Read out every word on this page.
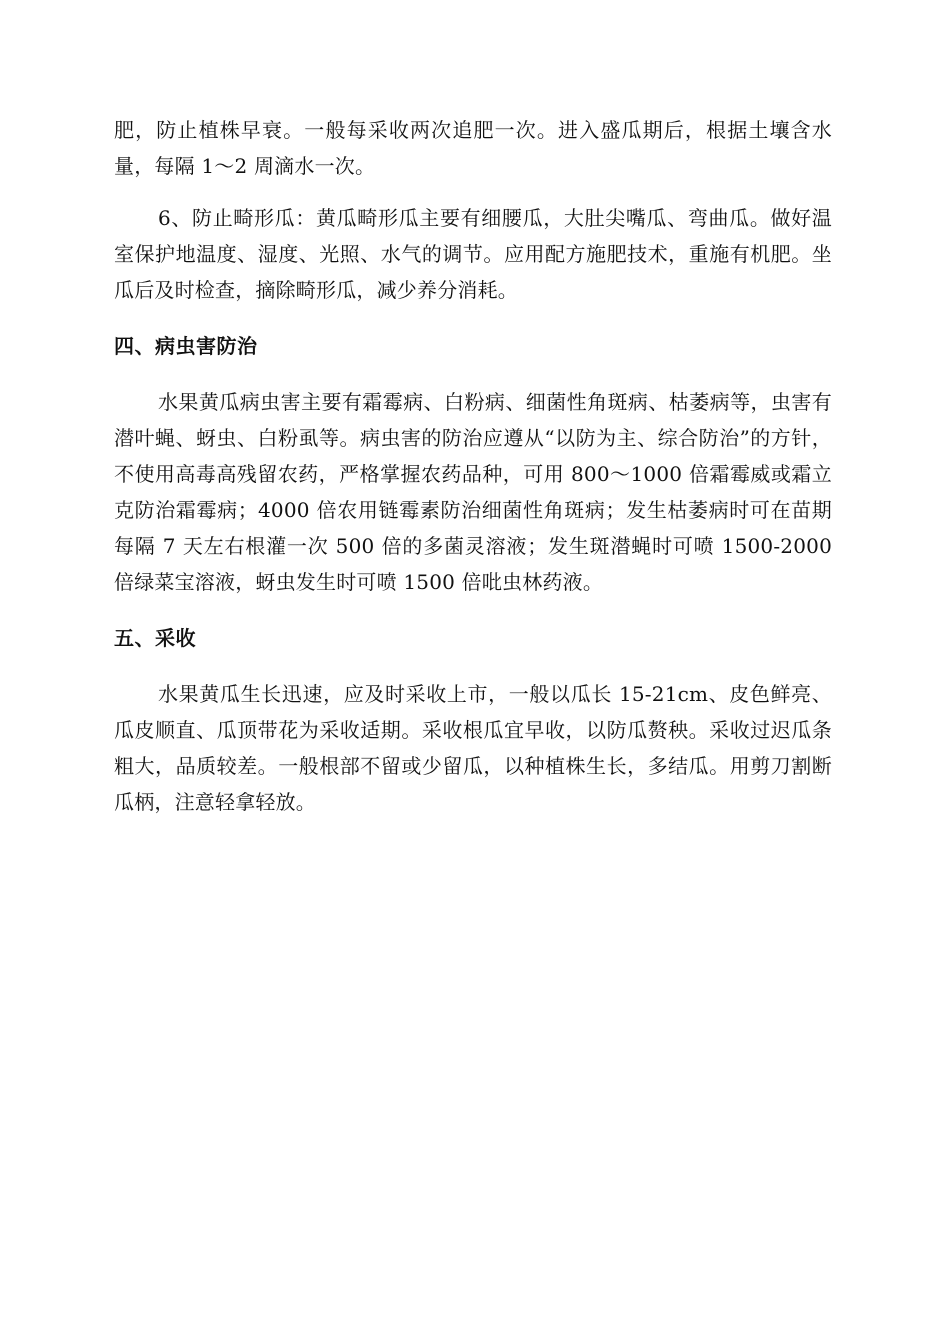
肥，防止植株早衰。一般每采收两次追肥一次。进入盛瓜期后，根据土壤含水量，每隔 1～2 周滴水一次。

6、防止畸形瓜：黄瓜畸形瓜主要有细腰瓜，大肚尖嘴瓜、弯曲瓜。做好温室保护地温度、湿度、光照、水气的调节。应用配方施肥技术，重施有机肥。坐瓜后及时检查，摘除畸形瓜，减少养分消耗。

四、病虫害防治

水果黄瓜病虫害主要有霜霉病、白粉病、细菌性角斑病、枯萎病等，虫害有潜叶蝇、蚜虫、白粉虱等。病虫害的防治应遵从“以防为主、综合防治”的方针，不使用高毒高残留农药，严格掌握农药品种，可用 800～1000 倍霜霉威或霜立克防治霜霉病；4000 倍农用链霉素防治细菌性角斑病；发生枯萎病时可在苗期每隔 7 天左右根灌一次 500 倍的多菌灵溶液；发生斑潜蝇时可喷 1500-2000 倍绿菜宝溶液，蚜虫发生时可喷 1500 倍吡虫林药液。

五、采收

水果黄瓜生长迅速，应及时采收上市，一般以瓜长 15-21cm、皮色鲜亮、瓜皮顺直、瓜顶带花为采收适期。采收根瓜宜早收，以防瓜赘秧。采收过迟瓜条粗大，品质较差。一般根部不留或少留瓜，以种植株生长，多结瓜。用剪刀割断瓜柄，注意轻拿轻放。
